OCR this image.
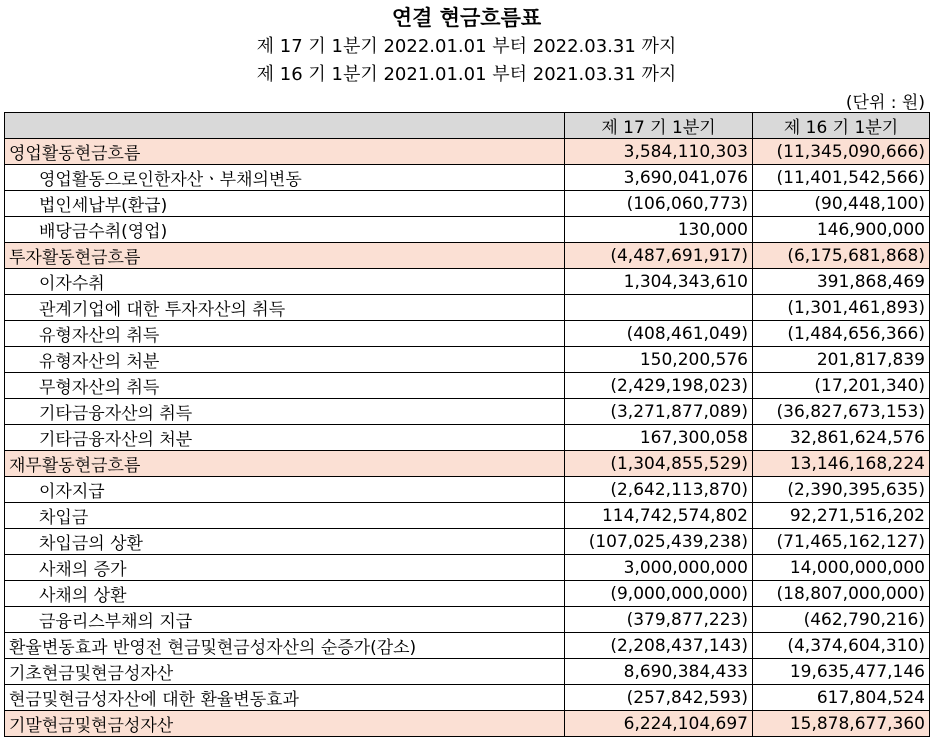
연결 현금흐름표
제 17 기 1분기 2022.01.01 부터 2022.03.31 까지
제 16 기 1분기 2021.01.01 부터 2021.03.31 까지
(단위 : 원)
	제 17 기 1분기	제 16 기 1분기
영업활동현금흐름	3,584,110,303	(11,345,090,666)
영업활동으로인한자산ㆍ부채의변동	3,690,041,076	(11,401,542,566)
법인세납부(환급)	(106,060,773)	(90,448,100)
배당금수취(영업)	130,000	146,900,000
투자활동현금흐름	(4,487,691,917)	(6,175,681,868)
이자수취	1,304,343,610	391,868,469
관계기업에 대한 투자자산의 취득		(1,301,461,893)
유형자산의 취득	(408,461,049)	(1,484,656,366)
유형자산의 처분	150,200,576	201,817,839
무형자산의 취득	(2,429,198,023)	(17,201,340)
기타금융자산의 취득	(3,271,877,089)	(36,827,673,153)
기타금융자산의 처분	167,300,058	32,861,624,576
재무활동현금흐름	(1,304,855,529)	13,146,168,224
이자지급	(2,642,113,870)	(2,390,395,635)
차입금	114,742,574,802	92,271,516,202
차입금의 상환	(107,025,439,238)	(71,465,162,127)
사채의 증가	3,000,000,000	14,000,000,000
사채의 상환	(9,000,000,000)	(18,807,000,000)
금융리스부채의 지급	(379,877,223)	(462,790,216)
환율변동효과 반영전 현금및현금성자산의 순증가(감소)	(2,208,437,143)	(4,374,604,310)
기초현금및현금성자산	8,690,384,433	19,635,477,146
현금및현금성자산에 대한 환율변동효과	(257,842,593)	617,804,524
기말현금및현금성자산	6,224,104,697	15,878,677,360
